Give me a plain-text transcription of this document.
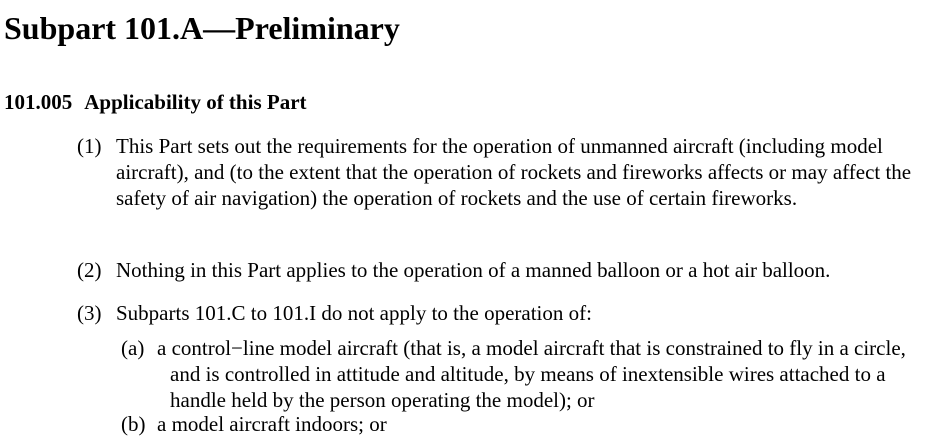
Subpart 101.A—Preliminary
101.005 Applicability of this Part
(1) This Part sets out the requirements for the operation of unmanned aircraft (including model aircraft), and (to the extent that the operation of rockets and fireworks affects or may affect the safety of air navigation) the operation of rockets and the use of certain fireworks.
(2) Nothing in this Part applies to the operation of a manned balloon or a hot air balloon.
(3) Subparts 101.C to 101.I do not apply to the operation of:
(a) a control−line model aircraft (that is, a model aircraft that is constrained to fly in a circle, and is controlled in attitude and altitude, by means of inextensible wires attached to a handle held by the person operating the model); or
(b) a model aircraft indoors; or
